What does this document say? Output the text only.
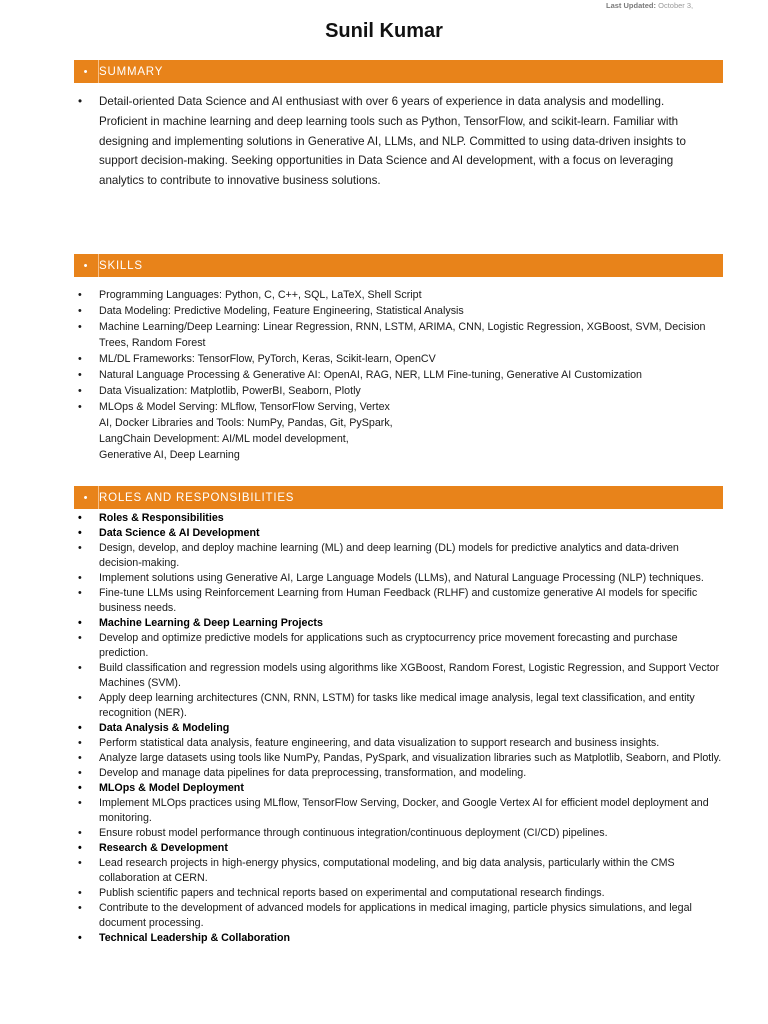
Last Updated: October 3,
Sunil Kumar
• SUMMARY
• Detail-oriented Data Science and AI enthusiast with over 6 years of experience in data analysis and modelling. Proficient in machine learning and deep learning tools such as Python, TensorFlow, and scikit-learn. Familiar with designing and implementing solutions in Generative AI, LLMs, and NLP. Committed to using data-driven insights to support decision-making. Seeking opportunities in Data Science and AI development, with a focus on leveraging analytics to contribute to innovative business solutions.
• SKILLS
• Programming Languages: Python, C, C++, SQL, LaTeX, Shell Script
• Data Modeling: Predictive Modeling, Feature Engineering, Statistical Analysis
• Machine Learning/Deep Learning: Linear Regression, RNN, LSTM, ARIMA, CNN, Logistic Regression, XGBoost, SVM, Decision Trees, Random Forest
• ML/DL Frameworks: TensorFlow, PyTorch, Keras, Scikit-learn, OpenCV
• Natural Language Processing & Generative AI: OpenAI, RAG, NER, LLM Fine-tuning, Generative AI Customization
• Data Visualization: Matplotlib, PowerBI, Seaborn, Plotly
• MLOps & Model Serving: MLflow, TensorFlow Serving, Vertex AI, Docker Libraries and Tools: NumPy, Pandas, Git, PySpark, LangChain Development: AI/ML model development, Generative AI, Deep Learning
• ROLES AND RESPONSIBILITIES
• Roles & Responsibilities
• Data Science & AI Development
• Design, develop, and deploy machine learning (ML) and deep learning (DL) models for predictive analytics and data-driven decision-making.
• Implement solutions using Generative AI, Large Language Models (LLMs), and Natural Language Processing (NLP) techniques.
• Fine-tune LLMs using Reinforcement Learning from Human Feedback (RLHF) and customize generative AI models for specific business needs.
• Machine Learning & Deep Learning Projects
• Develop and optimize predictive models for applications such as cryptocurrency price movement forecasting and purchase prediction.
• Build classification and regression models using algorithms like XGBoost, Random Forest, Logistic Regression, and Support Vector Machines (SVM).
• Apply deep learning architectures (CNN, RNN, LSTM) for tasks like medical image analysis, legal text classification, and entity recognition (NER).
• Data Analysis & Modeling
• Perform statistical data analysis, feature engineering, and data visualization to support research and business insights.
• Analyze large datasets using tools like NumPy, Pandas, PySpark, and visualization libraries such as Matplotlib, Seaborn, and Plotly.
• Develop and manage data pipelines for data preprocessing, transformation, and modeling.
• MLOps & Model Deployment
• Implement MLOps practices using MLflow, TensorFlow Serving, Docker, and Google Vertex AI for efficient model deployment and monitoring.
• Ensure robust model performance through continuous integration/continuous deployment (CI/CD) pipelines.
• Research & Development
• Lead research projects in high-energy physics, computational modeling, and big data analysis, particularly within the CMS collaboration at CERN.
• Publish scientific papers and technical reports based on experimental and computational research findings.
• Contribute to the development of advanced models for applications in medical imaging, particle physics simulations, and legal document processing.
• Technical Leadership & Collaboration
